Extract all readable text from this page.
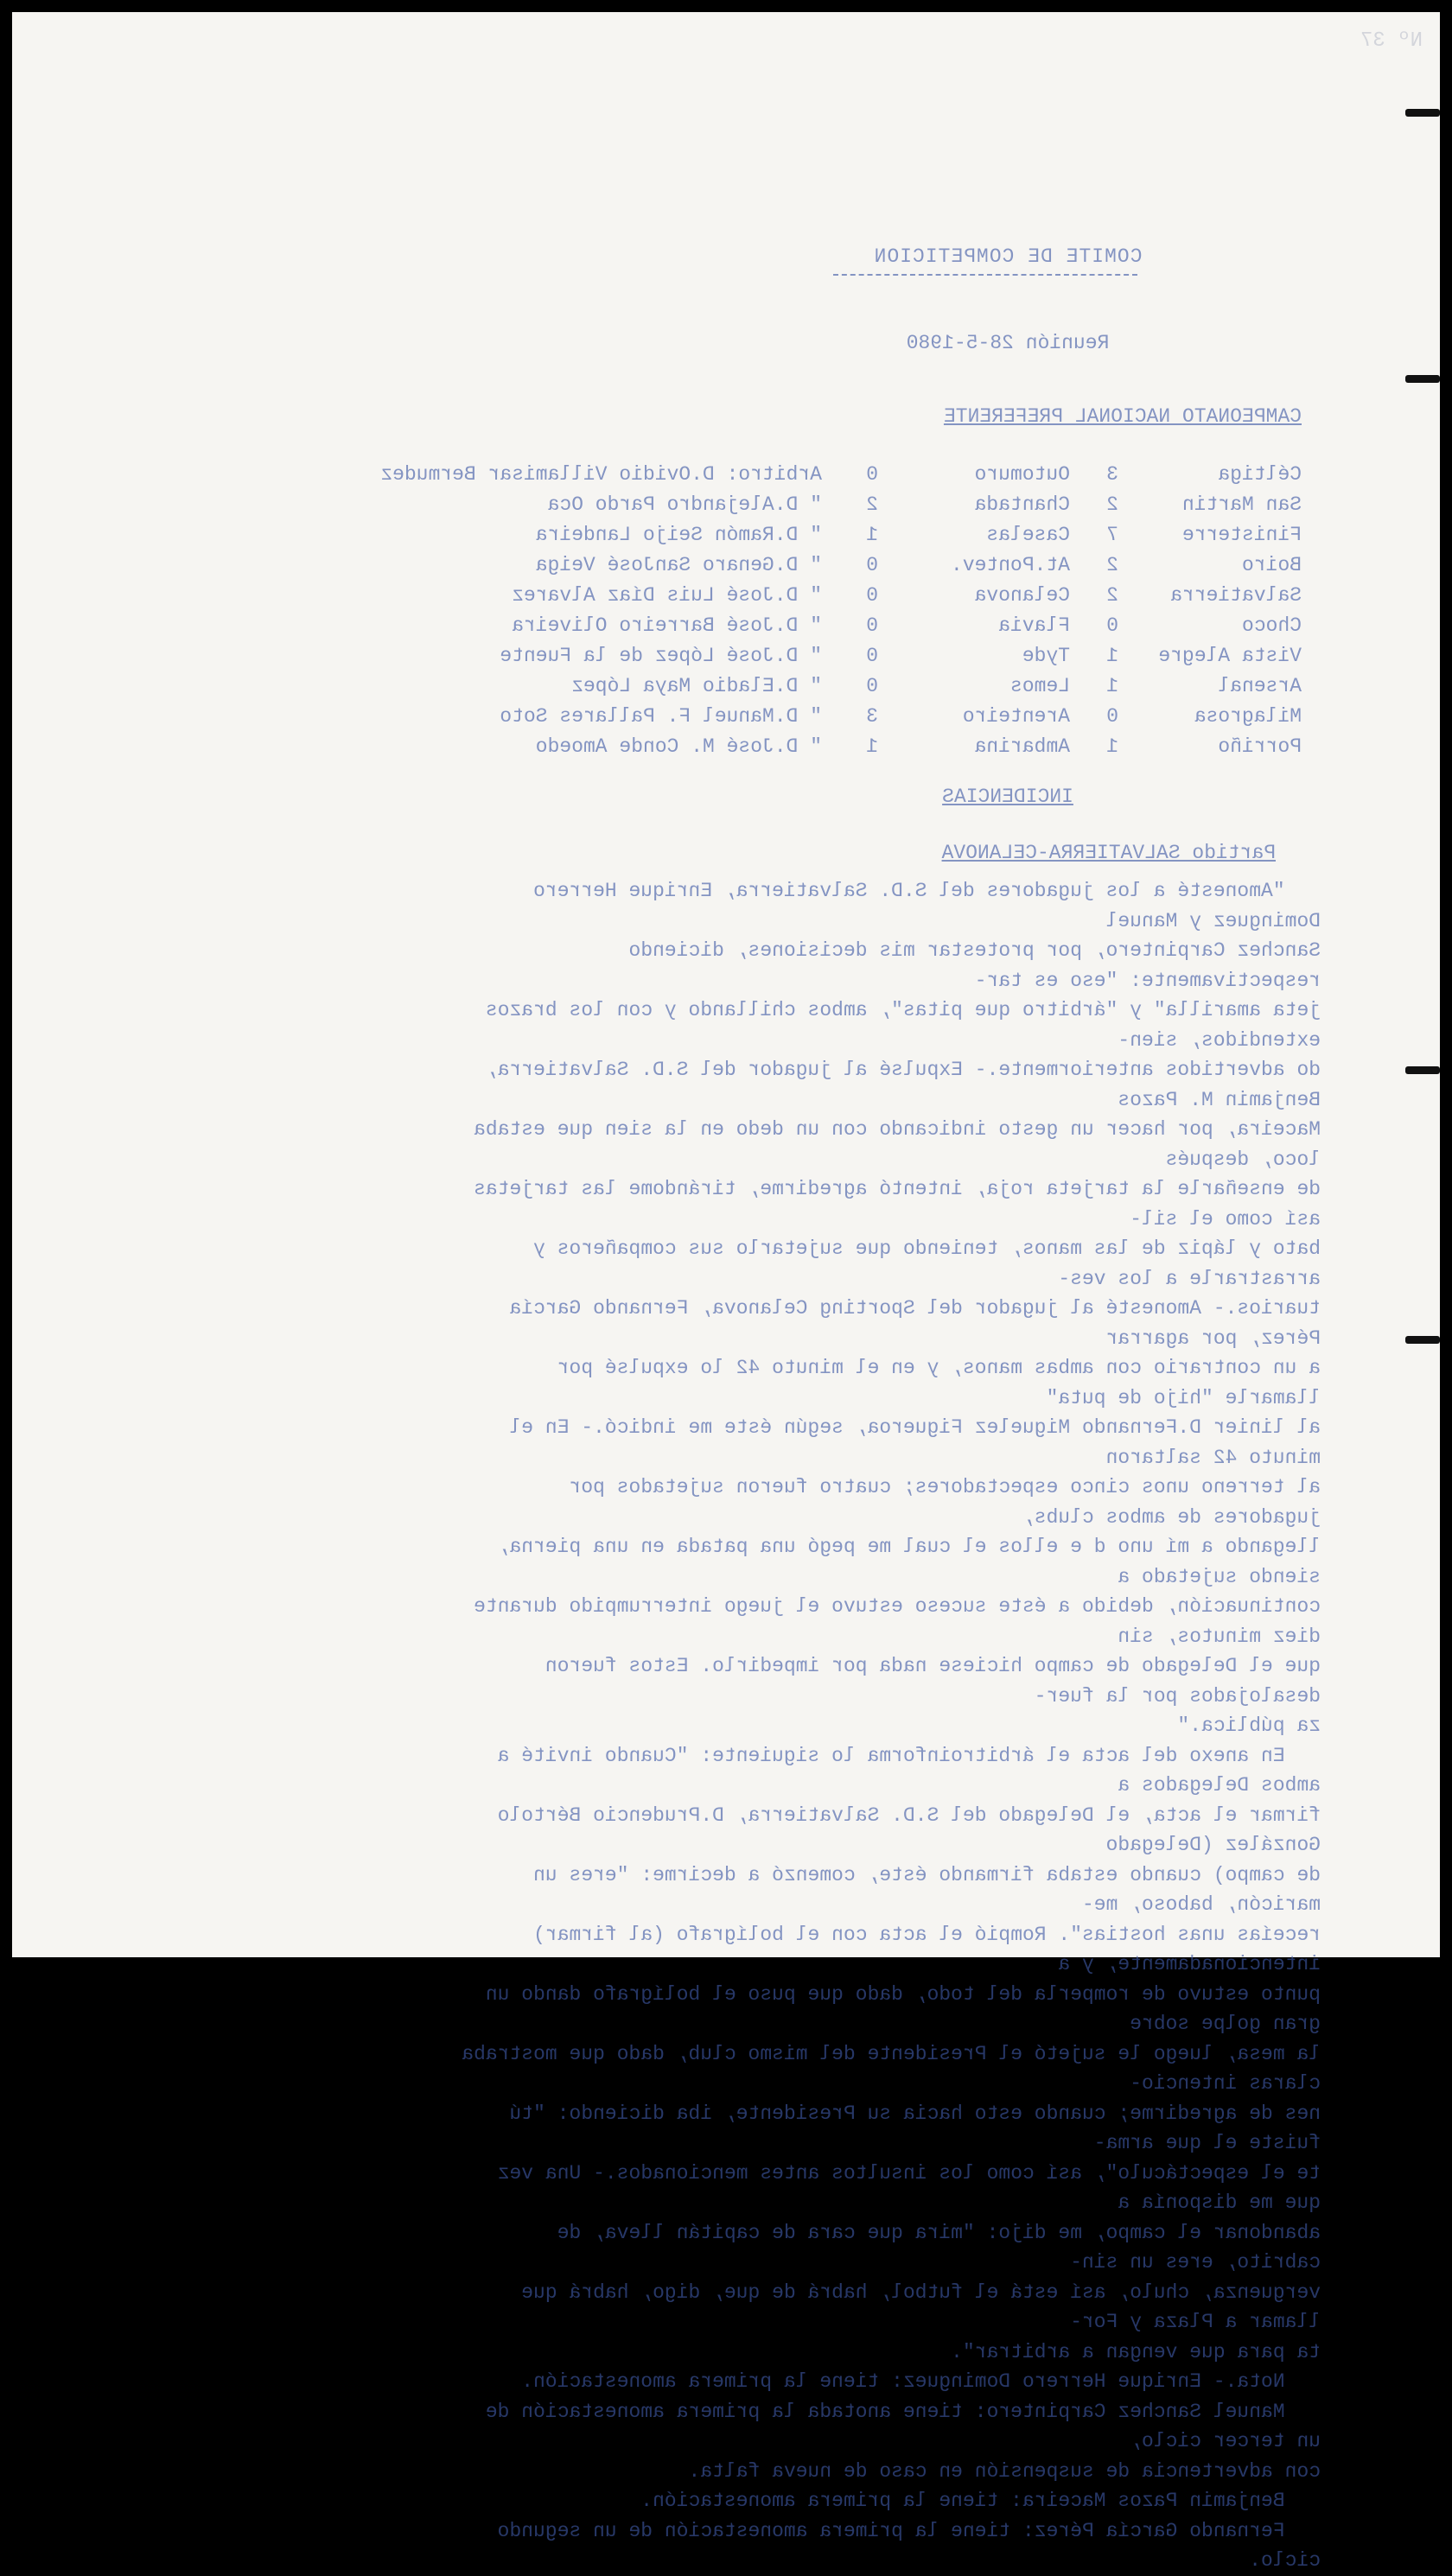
Nº 37
COMITE DE COMPETICION
Reunión 28-5-1980
CAMPEONATO NACIONAL PREFERENTE
Céltiga
3
Outomuro
0
Arbitro: D.Ovidio Villamisar Bermudez
San Martin
2
Chantada
2
" D.Alejandro Pardo Oca
Finisterre
7
Caselas
1
" D.Ramón Seijo Landeira
Boiro
2
At.Pontev.
0
" D.Genaro SanJosé Veiga
Salvatierra
2
Celanova
0
" D.José Luis Díaz Alvarez
Choco
0
Flavia
0
" D.José Barreiro Oliveira
Vista Alegre
1
Tyde
0
" D.José López de la Fuente
Arsenal
1
Lemos
0
" D.Eladio Maya López
Milagrosa
0
Arenteiro
3
" D.Manuel F. Pallares Soto
Porriño
1
Ambarina
1
" D.José M. Conde Amoedo
INCIDENCIAS
Partido SALVATIERRA-CELANOVA

"Amonesté a los jugadores del S.D. Salvatierra, Enrique Herrero Dominguez y Manuel

Sanchez Carpintero, por protestar mis decisiones, diciendo respectivamente: "eso es tar-

jeta amarilla" y "árbitro que pitas", ambos chillando y con los brazos extendidos, sien-

do advertidos anteriormente.- Expulsé al jugador del S.D. Salvatierra, Benjamin M. Pazos

Maceira, por hacer un gesto indicando con un dedo en la sien que estaba loco, después

de enseñarle la tarjeta roja, intentó agredirme, tirándome las tarjetas así como el sil-

bato y lápiz de las manos, teniendo que sujetarlo sus compañeros y arrastrarle a los ves-

tuarios.- Amonesté al jugador del Sporting Celanova, Fernando García Pérez, por agarrar

a un contrario con ambas manos, y en el minuto 42 lo expulsé por llamarle "hijo de puta"

al linier D.Fernando Miguelez Figueroa, según éste me indicó.- En el minuto 42 saltaron

al terreno unos cinco espectadores; cuatro fueron sujetados por jugadores de ambos clubs,

llegando a mí uno d e ellos el cual me pegó una patada en una pierna, siendo sujetado a

continuación, debido a éste suceso estuvo el juego interrumpido durante diez minutos, sin

que el Delegado de campo hiciese nada por impedirlo. Estos fueron desalojados por la fuer-

za pública."

En anexo del acta el árbitroinforma lo siguiente: "Cuando invité a ambos Delegados a

firmar el acta, el Delegado del S.D. Salvatierra, D.Prudencio Bértolo González (Delegado

de campo) cuando estaba firmando éste, comenzó a decirme: "eres un maricón, baboso, me-

receías unas hostias". Rompió el acta con el bolígrafo (al firmar) intencionadamente, y a

punto estuvo de romperla del todo, dado que puso el bolígrafo dando un gran golpe sobre

la mesa, luego le sujetó el Presidente del mismo club, dado que mostraba claras intencio-

nes de agredirme; cuando esto hacia su Presidente, iba diciendo: "tú fuiste el que arma-

te el espectáculo", así como los insultos antes mencionados.- Una vez que me disponía a

abandonar el campo, me dijo: "mira que cara de capitán lleva, de cabrito, eres un sin-

verguenza, chulo, así está el futbol, habrá de que, digo, habrá que llamar a Plaza y For-

ta para que vengan a arbitrar".

Nota.- Enrique Herrero Dominguez: tiene la primera amonestación.

Manuel Sanchez Carpintero: tiene anotada la primera amonestación de un tercer ciclo,

con advertencia de suspensión en caso de nueva falta.

Benjamin Pazos Maceira: tiene la primera amonestación.

Fernando García Pérez: tiene la primera amonestación de un segundo ciclo.
